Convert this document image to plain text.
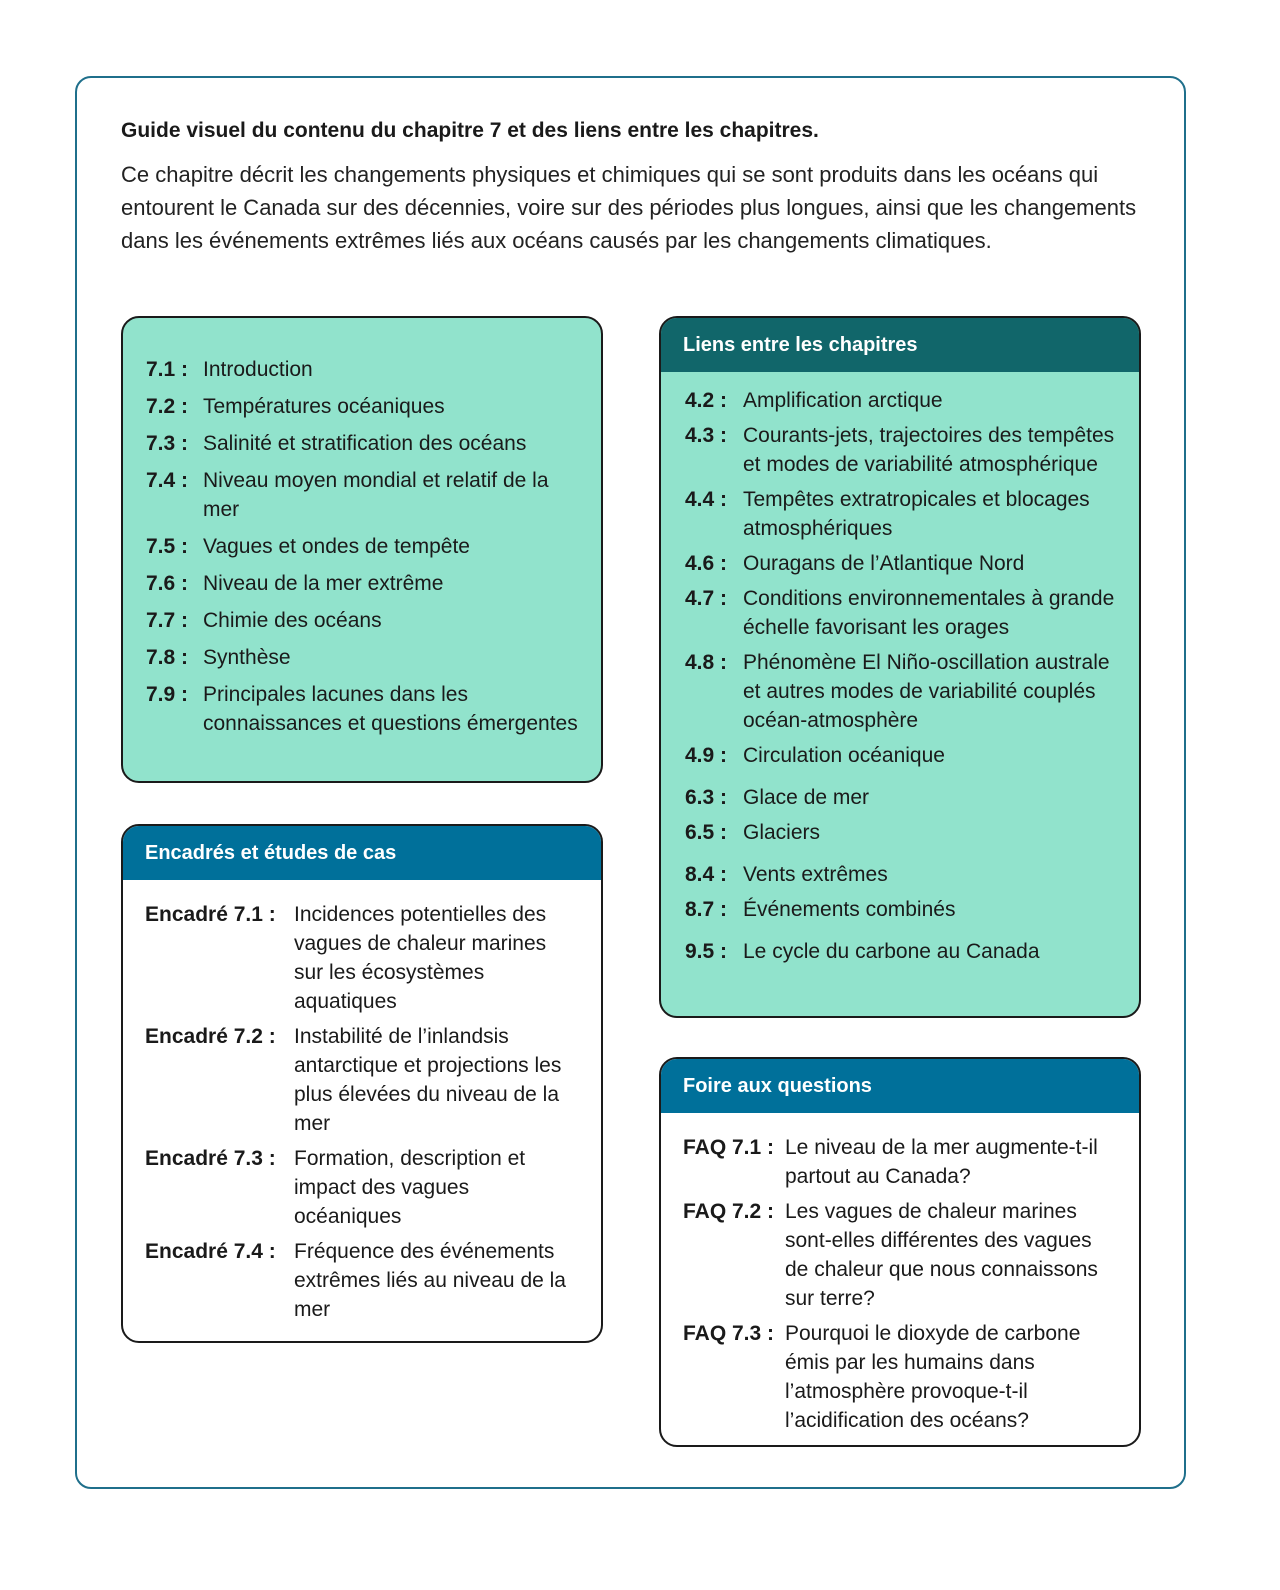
Guide visuel du contenu du chapitre 7 et des liens entre les chapitres.

Ce chapitre décrit les changements physiques et chimiques qui se sont produits dans les océans qui entourent le Canada sur des décennies, voire sur des périodes plus longues, ainsi que les changements dans les événements extrêmes liés aux océans causés par les changements climatiques.

7.1 : Introduction
7.2 : Températures océaniques
7.3 : Salinité et stratification des océans
7.4 : Niveau moyen mondial et relatif de la mer
7.5 : Vagues et ondes de tempête
7.6 : Niveau de la mer extrême
7.7 : Chimie des océans
7.8 : Synthèse
7.9 : Principales lacunes dans les connaissances et questions émergentes
Liens entre les chapitres
4.2 : Amplification arctique
4.3 : Courants-jets, trajectoires des tempêtes et modes de variabilité atmosphérique
4.4 : Tempêtes extratropicales et blocages atmosphériques
4.6 : Ouragans de l’Atlantique Nord
4.7 : Conditions environnementales à grande échelle favorisant les orages
4.8 : Phénomène El Niño-oscillation australe et autres modes de variabilité couplés océan-atmosphère
4.9 : Circulation océanique
6.3 : Glace de mer
6.5 : Glaciers
8.4 : Vents extrêmes
8.7 : Événements combinés
9.5 : Le cycle du carbone au Canada
Encadrés et études de cas
Encadré 7.1 : Incidences potentielles des vagues de chaleur marines sur les écosystèmes aquatiques
Encadré 7.2 : Instabilité de l’inlandsis antarctique et projections les plus élevées du niveau de la mer
Encadré 7.3 : Formation, description et impact des vagues océaniques
Encadré 7.4 : Fréquence des événements extrêmes liés au niveau de la mer
Foire aux questions
FAQ 7.1 : Le niveau de la mer augmente-t-il partout au Canada?
FAQ 7.2 : Les vagues de chaleur marines sont-elles différentes des vagues de chaleur que nous connaissons sur terre?
FAQ 7.3 : Pourquoi le dioxyde de carbone émis par les humains dans l’atmosphère provoque-t-il l’acidification des océans?
